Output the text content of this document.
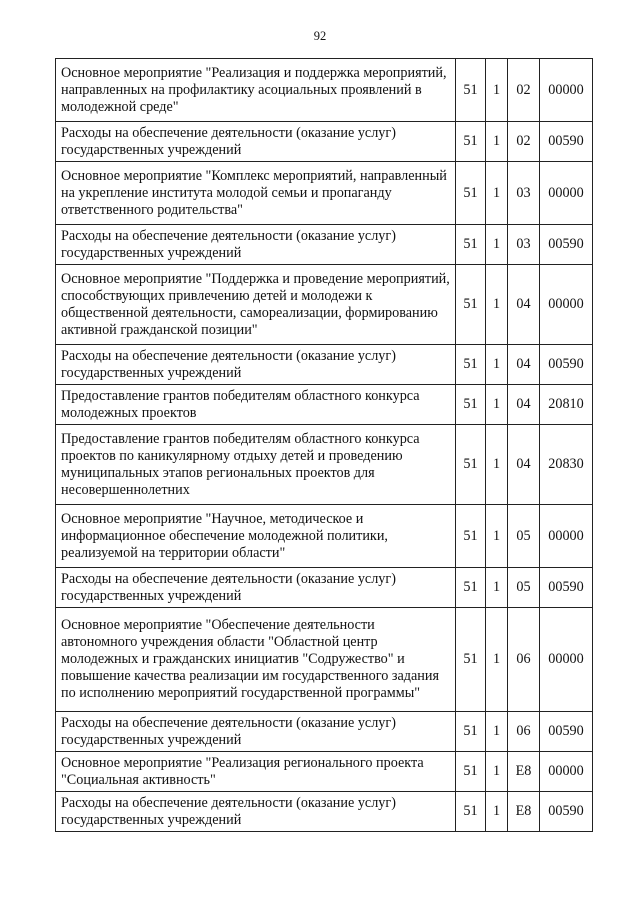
92
Основное мероприятие "Реализация и поддержка мероприятий, направленных на профилактику асоциальных проявлений в молодежной среде"	51	1	02	00000
Расходы на обеспечение деятельности (оказание услуг) государственных учреждений	51	1	02	00590
Основное мероприятие "Комплекс мероприятий, направленный на укрепление института молодой семьи и пропаганду ответственного родительства"	51	1	03	00000
Расходы на обеспечение деятельности (оказание услуг) государственных учреждений	51	1	03	00590
Основное мероприятие "Поддержка и проведение мероприятий, способствующих привлечению детей и молодежи к общественной деятельности, самореализации, формированию активной гражданской позиции"	51	1	04	00000
Расходы на обеспечение деятельности (оказание услуг) государственных учреждений	51	1	04	00590
Предоставление грантов победителям областного конкурса молодежных проектов	51	1	04	20810
Предоставление грантов победителям областного конкурса проектов по каникулярному отдыху детей и проведению муниципальных этапов региональных проектов для несовершеннолетних	51	1	04	20830
Основное мероприятие "Научное, методическое и информационное обеспечение молодежной политики, реализуемой на территории области"	51	1	05	00000
Расходы на обеспечение деятельности (оказание услуг) государственных учреждений	51	1	05	00590
Основное мероприятие "Обеспечение деятельности автономного учреждения области "Областной центр молодежных и гражданских инициатив "Содружество" и повышение качества реализации им государственного задания по исполнению мероприятий государственной программы"	51	1	06	00000
Расходы на обеспечение деятельности (оказание услуг) государственных учреждений	51	1	06	00590
Основное мероприятие "Реализация регионального проекта "Социальная активность"	51	1	Е8	00000
Расходы на обеспечение деятельности (оказание услуг) государственных учреждений	51	1	Е8	00590
